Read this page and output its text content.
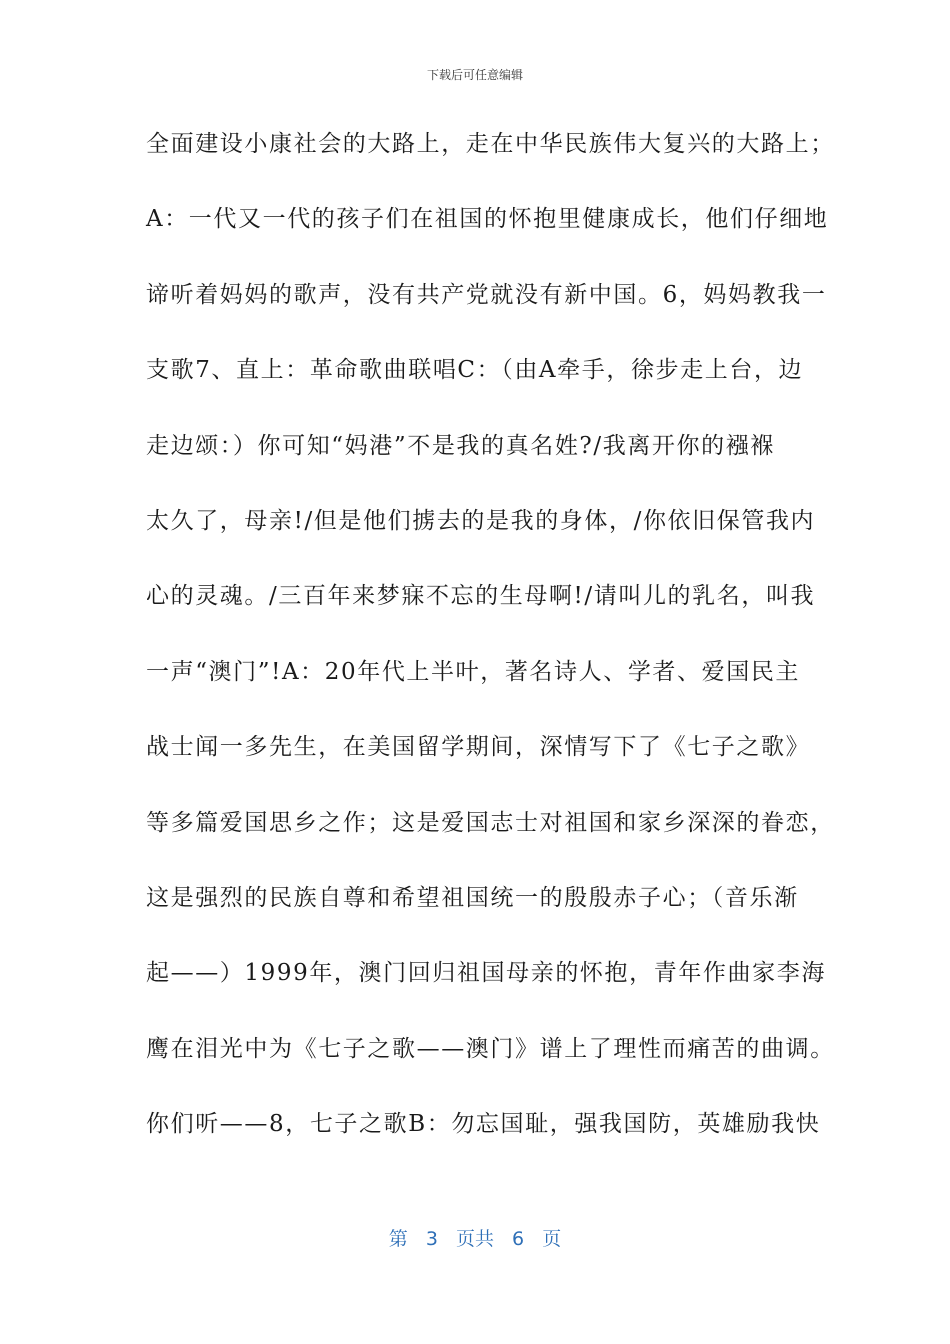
下载后可任意编辑
全面建设小康社会的大路上，走在中华民族伟大复兴的大路上；
A：一代又一代的孩子们在祖国的怀抱里健康成长，他们仔细地
谛听着妈妈的歌声，没有共产党就没有新中国。6，妈妈教我一
支歌7、直上：革命歌曲联唱C：（由A牵手，徐步走上台，边
走边颂：）你可知“妈港”不是我的真名姓?/我离开你的襁褓
太久了，母亲!/但是他们掳去的是我的身体，/你依旧保管我内
心的灵魂。/三百年来梦寐不忘的生母啊!/请叫儿的乳名，叫我
一声“澳门”!A：20年代上半叶，著名诗人、学者、爱国民主
战士闻一多先生，在美国留学期间，深情写下了《七子之歌》
等多篇爱国思乡之作；这是爱国志士对祖国和家乡深深的眷恋，
这是强烈的民族自尊和希望祖国统一的殷殷赤子心；（音乐渐
起——）1999年，澳门回归祖国母亲的怀抱，青年作曲家李海
鹰在泪光中为《七子之歌——澳门》谱上了理性而痛苦的曲调。
你们听——8，七子之歌B：勿忘国耻，强我国防，英雄励我快
第 3 页共 6 页
